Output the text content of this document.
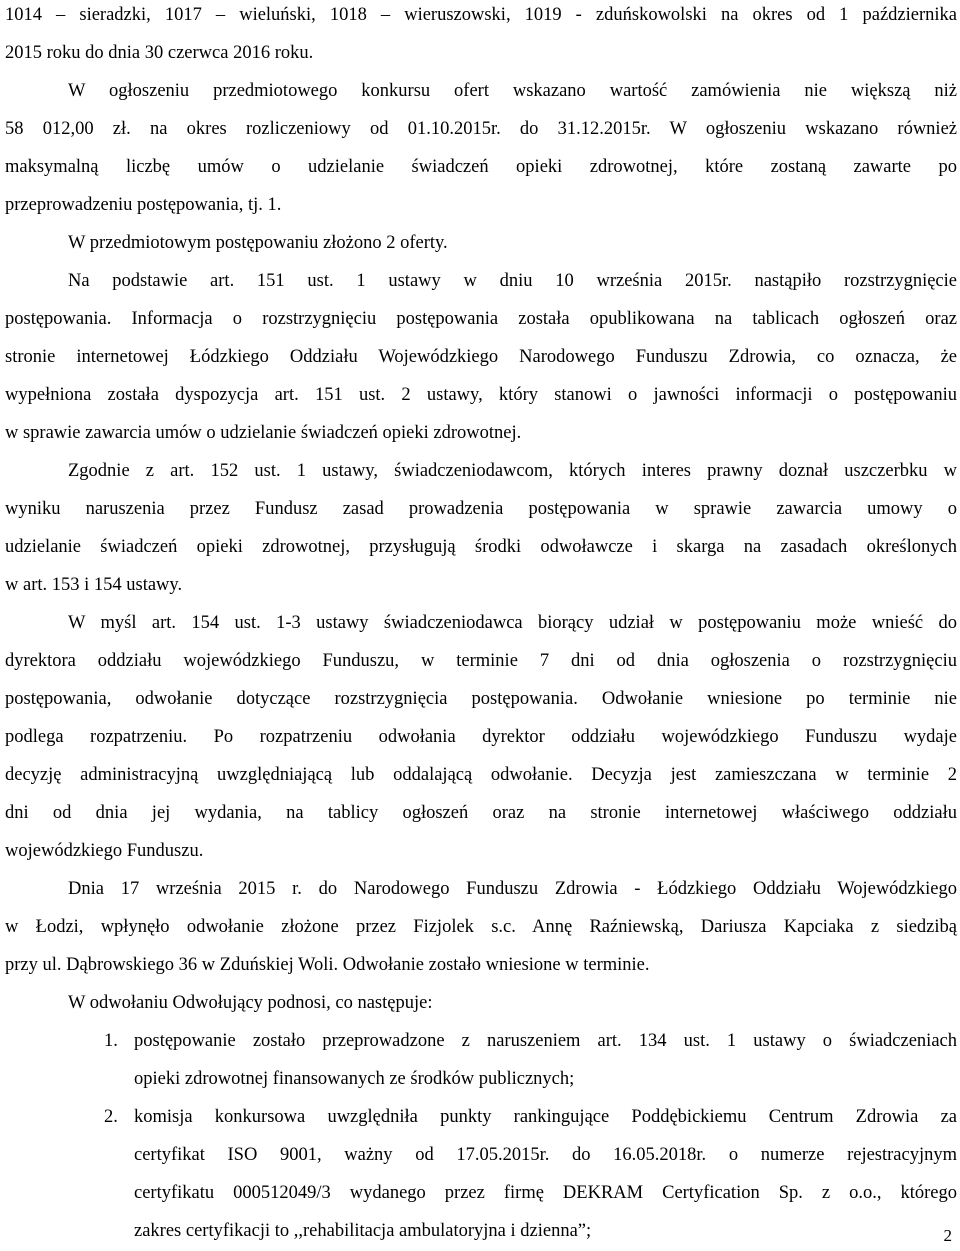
1014 – sieradzki, 1017 – wieluński, 1018 – wieruszowski, 1019 - zduńskowolski na okres od 1 października
2015 roku do dnia 30 czerwca 2016 roku.
W ogłoszeniu przedmiotowego konkursu ofert wskazano wartość zamówienia nie większą niż
58 012,00 zł. na okres rozliczeniowy od 01.10.2015r. do 31.12.2015r. W ogłoszeniu wskazano również
maksymalną liczbę umów o udzielanie świadczeń opieki zdrowotnej, które zostaną zawarte po
przeprowadzeniu postępowania, tj. 1.
W przedmiotowym postępowaniu złożono 2 oferty.
Na podstawie art. 151 ust. 1 ustawy w dniu 10 września 2015r. nastąpiło rozstrzygnięcie
postępowania. Informacja o rozstrzygnięciu postępowania została opublikowana na tablicach ogłoszeń oraz
stronie internetowej Łódzkiego Oddziału Wojewódzkiego Narodowego Funduszu Zdrowia, co oznacza, że
wypełniona została dyspozycja art. 151 ust. 2 ustawy, który stanowi o jawności informacji o postępowaniu
w sprawie zawarcia umów o udzielanie świadczeń opieki zdrowotnej.
Zgodnie z art. 152 ust. 1 ustawy, świadczeniodawcom, których interes prawny doznał uszczerbku w
wyniku naruszenia przez Fundusz zasad prowadzenia postępowania w sprawie zawarcia umowy o
udzielanie świadczeń opieki zdrowotnej, przysługują środki odwoławcze i skarga na zasadach określonych
w art. 153 i 154 ustawy.
W myśl art. 154 ust. 1-3 ustawy świadczeniodawca biorący udział w postępowaniu może wnieść do
dyrektora oddziału wojewódzkiego Funduszu, w terminie 7 dni od dnia ogłoszenia o rozstrzygnięciu
postępowania, odwołanie dotyczące rozstrzygnięcia postępowania. Odwołanie wniesione po terminie nie
podlega rozpatrzeniu. Po rozpatrzeniu odwołania dyrektor oddziału wojewódzkiego Funduszu wydaje
decyzję administracyjną uwzględniającą lub oddalającą odwołanie. Decyzja jest zamieszczana w terminie 2
dni od dnia jej wydania, na tablicy ogłoszeń oraz na stronie internetowej właściwego oddziału
wojewódzkiego Funduszu.
Dnia 17 września 2015 r. do Narodowego Funduszu Zdrowia - Łódzkiego Oddziału Wojewódzkiego
w Łodzi, wpłynęło odwołanie złożone przez Fizjolek s.c. Annę Raźniewską, Dariusza Kapciaka z siedzibą
przy ul. Dąbrowskiego 36 w Zduńskiej Woli. Odwołanie zostało wniesione w terminie.
W odwołaniu Odwołujący podnosi, co następuje:
1. postępowanie zostało przeprowadzone z naruszeniem art. 134 ust. 1 ustawy o świadczeniach
opieki zdrowotnej finansowanych ze środków publicznych;
2. komisja konkursowa uwzględniła punkty rankingujące Poddębickiemu Centrum Zdrowia za
certyfikat ISO 9001, ważny od 17.05.2015r. do 16.05.2018r. o numerze rejestracyjnym
certyfikatu 000512049/3 wydanego przez firmę DEKRAM Certyfication Sp. z o.o., którego
zakres certyfikacji to ,,rehabilitacja ambulatoryjna i dzienna”;	2
